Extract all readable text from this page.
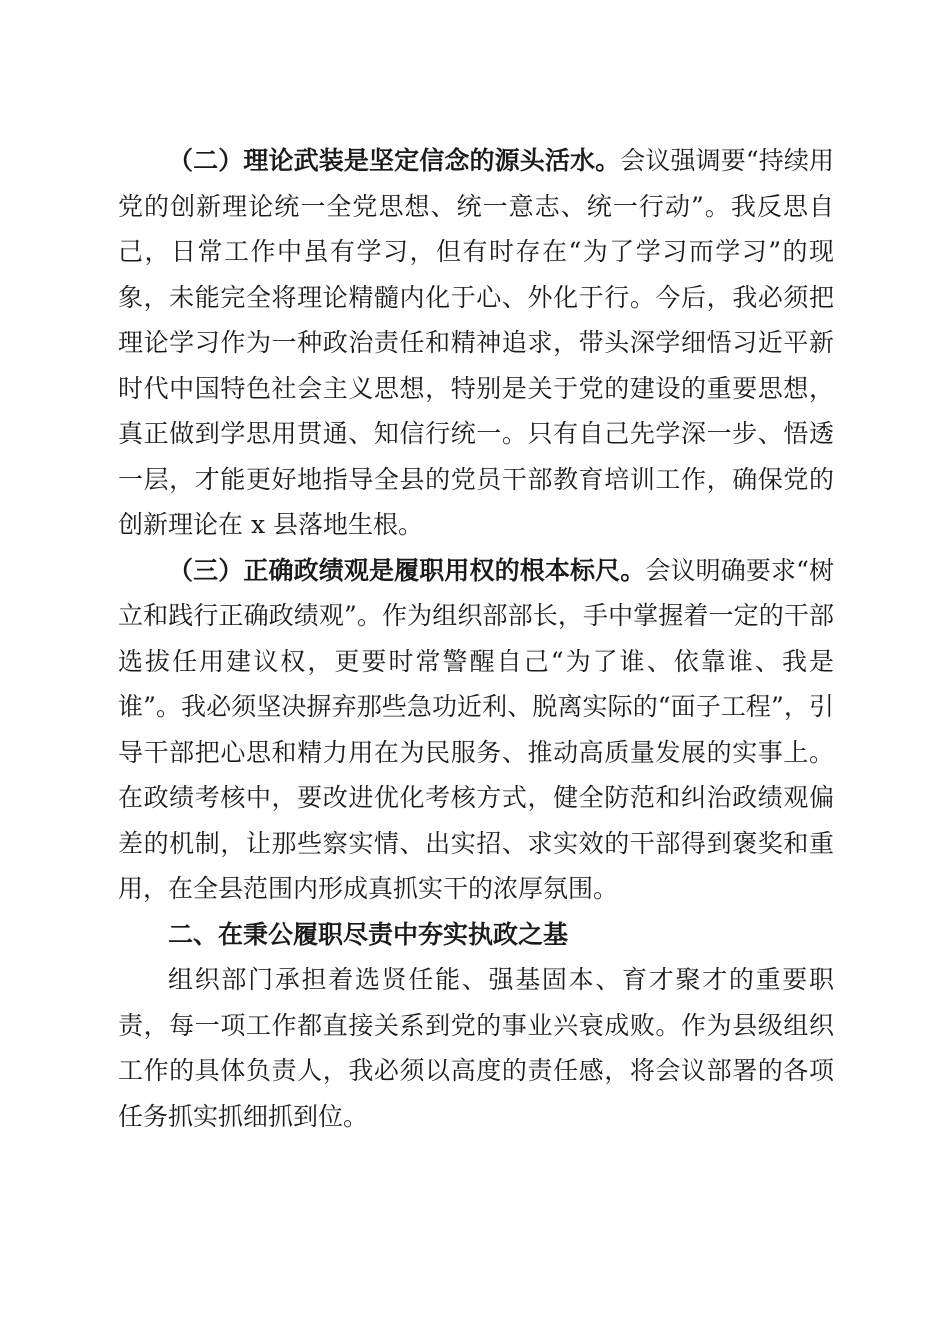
（二）理论武装是坚定信念的源头活水。会议强调要“持续用党的创新理论统一全党思想、统一意志、统一行动”。我反思自己，日常工作中虽有学习，但有时存在“为了学习而学习”的现象，未能完全将理论精髓内化于心、外化于行。今后，我必须把理论学习作为一种政治责任和精神追求，带头深学细悟习近平新时代中国特色社会主义思想，特别是关于党的建设的重要思想，真正做到学思用贯通、知信行统一。只有自己先学深一步、悟透一层，才能更好地指导全县的党员干部教育培训工作，确保党的创新理论在 x 县落地生根。

（三）正确政绩观是履职用权的根本标尺。会议明确要求“树立和践行正确政绩观”。作为组织部部长，手中掌握着一定的干部选拔任用建议权，更要时常警醒自己“为了谁、依靠谁、我是谁”。我必须坚决摒弃那些急功近利、脱离实际的“面子工程”，引导干部把心思和精力用在为民服务、推动高质量发展的实事上。在政绩考核中，要改进优化考核方式，健全防范和纠治政绩观偏差的机制，让那些察实情、出实招、求实效的干部得到褒奖和重用，在全县范围内形成真抓实干的浓厚氛围。

二、在秉公履职尽责中夯实执政之基

组织部门承担着选贤任能、强基固本、育才聚才的重要职责，每一项工作都直接关系到党的事业兴衰成败。作为县级组织工作的具体负责人，我必须以高度的责任感，将会议部署的各项任务抓实抓细抓到位。
